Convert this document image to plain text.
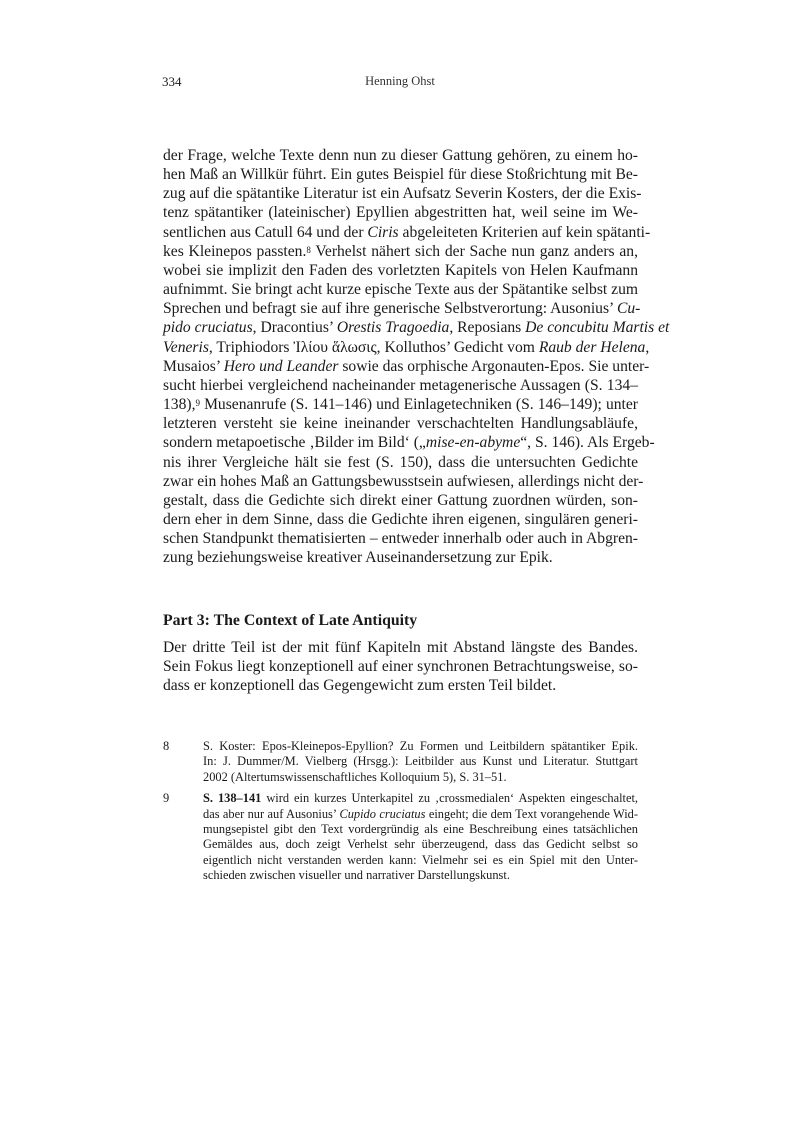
334	Henning Ohst
der Frage, welche Texte denn nun zu dieser Gattung gehören, zu einem ho-
hen Maß an Willkür führt. Ein gutes Beispiel für diese Stoßrichtung mit Be-
zug auf die spätantike Literatur ist ein Aufsatz Severin Kosters, der die Exis-
tenz spätantiker (lateinischer) Epyllien abgestritten hat, weil seine im We-
sentlichen aus Catull 64 und der Ciris abgeleiteten Kriterien auf kein spätanti-
kes Kleinepos passten.$^8$ Verhelst nähert sich der Sache nun ganz anders an,
wobei sie implizit den Faden des vorletzten Kapitels von Helen Kaufmann
aufnimmt. Sie bringt acht kurze epische Texte aus der Spätantike selbst zum
Sprechen und befragt sie auf ihre generische Selbstverortung: Ausonius’ Cu-
pido cruciatus, Dracontius’ Orestis Tragoedia, Reposians De concubitu Martis et
Veneris, Triphiodors Ἰλίου ἅλωσις, Kolluthos’ Gedicht vom Raub der Helena,
Musaios’ Hero und Leander sowie das orphische Argonauten-Epos. Sie unter-
sucht hierbei vergleichend nacheinander metagenerische Aussagen (S. 134–
138),$^9$ Musenanrufe (S. 141–146) und Einlagetechniken (S. 146–149); unter
letzteren versteht sie keine ineinander verschachtelten Handlungsabläufe,
sondern metapoetische ‚Bilder im Bild‘ („mise-en-abyme“, S. 146). Als Ergeb-
nis ihrer Vergleiche hält sie fest (S. 150), dass die untersuchten Gedichte
zwar ein hohes Maß an Gattungsbewusstsein aufwiesen, allerdings nicht der-
gestalt, dass die Gedichte sich direkt einer Gattung zuordnen würden, son-
dern eher in dem Sinne, dass die Gedichte ihren eigenen, singulären generi-
schen Standpunkt thematisierten – entweder innerhalb oder auch in Abgren-
zung beziehungsweise kreativer Auseinandersetzung zur Epik.
Part 3: The Context of Late Antiquity
Der dritte Teil ist der mit fünf Kapiteln mit Abstand längste des Bandes.
Sein Fokus liegt konzeptionell auf einer synchronen Betrachtungsweise, so-
dass er konzeptionell das Gegengewicht zum ersten Teil bildet.
8	S. Koster: Epos-Kleinepos-Epyllion? Zu Formen und Leitbildern spätantiker Epik.
In: J. Dummer/M. Vielberg (Hrsgg.): Leitbilder aus Kunst und Literatur. Stuttgart
2002 (Altertumswissenschaftliches Kolloquium 5), S. 31–51.
9	S. 138–141 wird ein kurzes Unterkapitel zu ‚crossmedialen‘ Aspekten eingeschaltet,
das aber nur auf Ausonius’ Cupido cruciatus eingeht; die dem Text vorangehende Wid-
mungsepistel gibt den Text vordergründig als eine Beschreibung eines tatsächlichen
Gemäldes aus, doch zeigt Verhelst sehr überzeugend, dass das Gedicht selbst so
eigentlich nicht verstanden werden kann: Vielmehr sei es ein Spiel mit den Unter-
schieden zwischen visueller und narrativer Darstellungskunst.
